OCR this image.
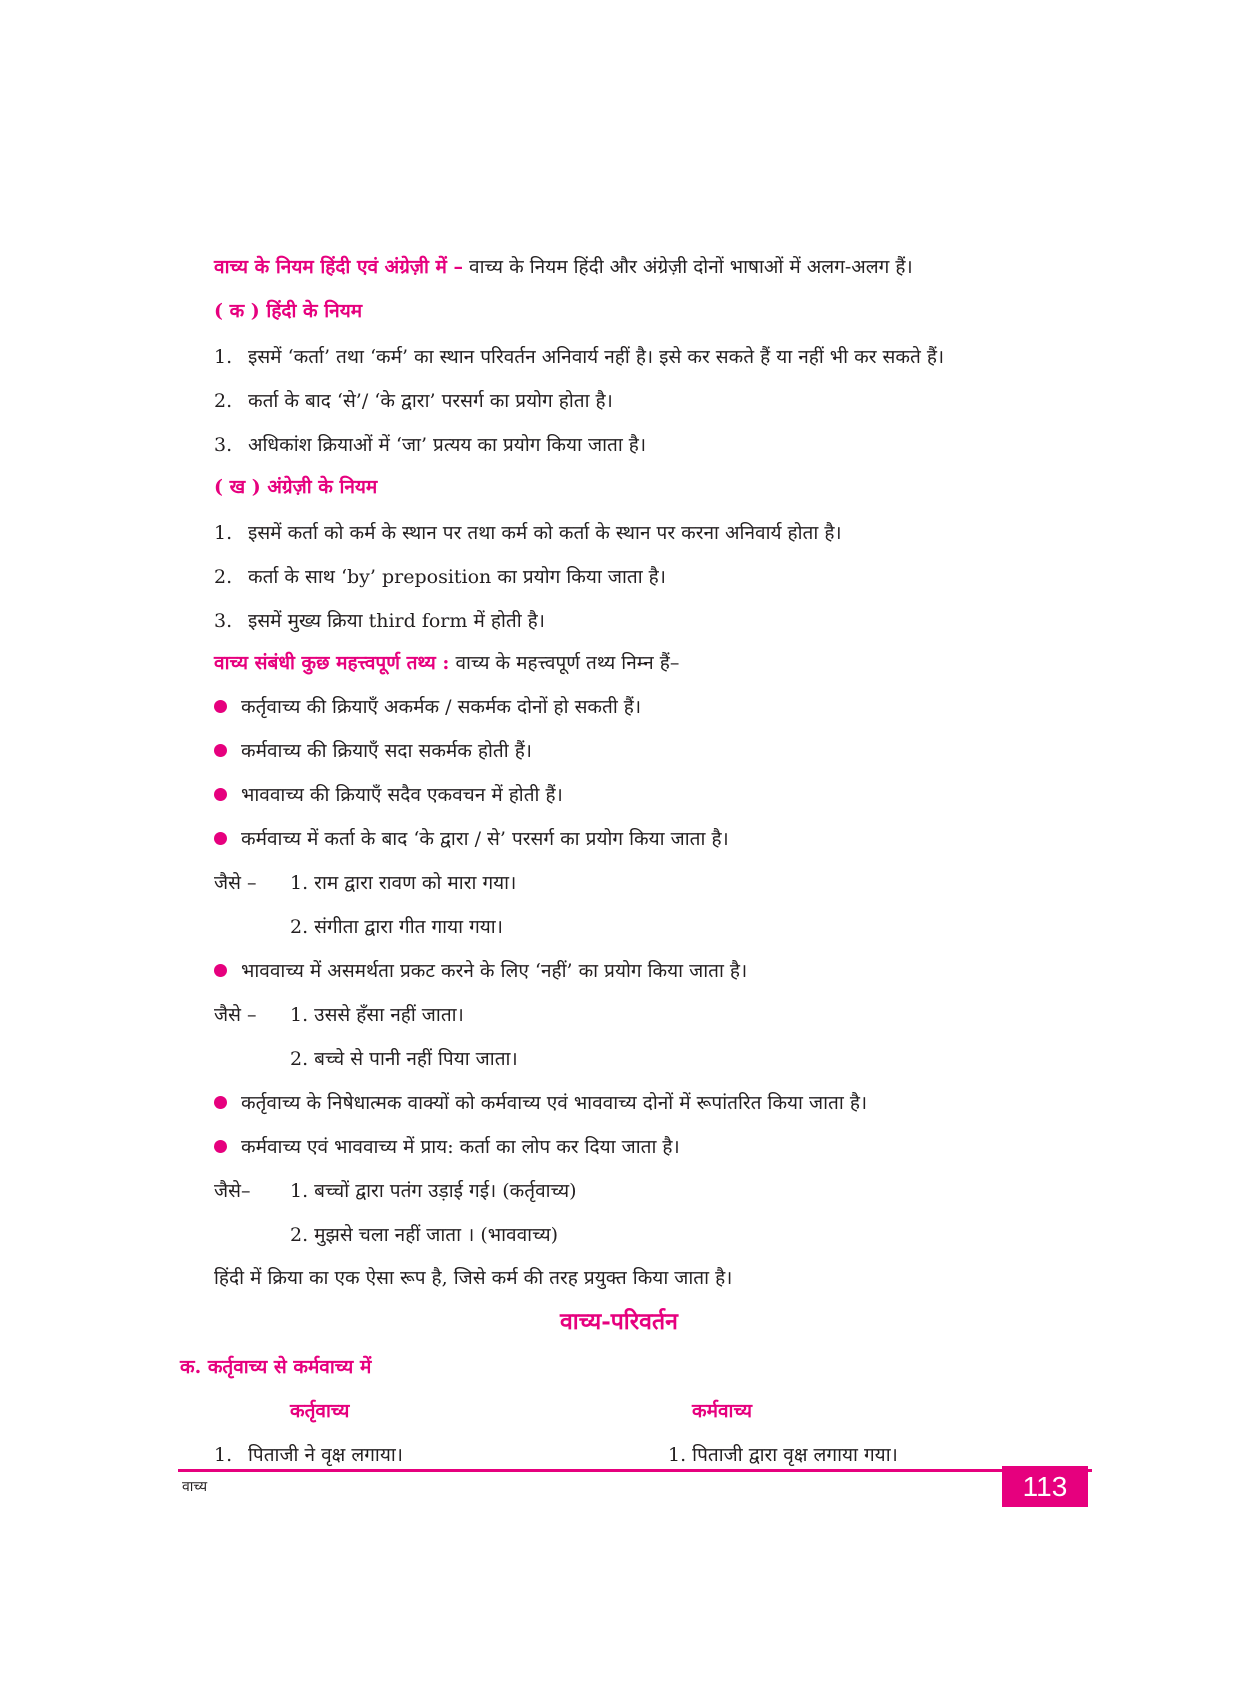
वाच्य के नियम हिंदी एवं अंग्रेज़ी में – वाच्य के नियम हिंदी और अंग्रेज़ी दोनों भाषाओं में अलग-अलग हैं।
( क ) हिंदी के नियम
1. इसमें ‘कर्ता’ तथा ‘कर्म’ का स्थान परिवर्तन अनिवार्य नहीं है। इसे कर सकते हैं या नहीं भी कर सकते हैं।
2. कर्ता के बाद ‘से’/ ‘के द्वारा’ परसर्ग का प्रयोग होता है।
3. अधिकांश क्रियाओं में ‘जा’ प्रत्यय का प्रयोग किया जाता है।
( ख ) अंग्रेज़ी के नियम
1. इसमें कर्ता को कर्म के स्थान पर तथा कर्म को कर्ता के स्थान पर करना अनिवार्य होता है।
2. कर्ता के साथ ‘by’ preposition का प्रयोग किया जाता है।
3. इसमें मुख्य क्रिया third form में होती है।
वाच्य संबंधी कुछ महत्त्वपूर्ण तथ्य : वाच्य के महत्त्वपूर्ण तथ्य निम्न हैं–
कर्तृवाच्य की क्रियाएँ अकर्मक / सकर्मक दोनों हो सकती हैं।
कर्मवाच्य की क्रियाएँ सदा सकर्मक होती हैं।
भाववाच्य की क्रियाएँ सदैव एकवचन में होती हैं।
कर्मवाच्य में कर्ता के बाद ‘के द्वारा / से’ परसर्ग का प्रयोग किया जाता है।
जैसे – 1. राम द्वारा रावण को मारा गया।
2. संगीता द्वारा गीत गाया गया।
भाववाच्य में असमर्थता प्रकट करने के लिए ‘नहीं’ का प्रयोग किया जाता है।
जैसे – 1. उससे हँसा नहीं जाता।
2. बच्चे से पानी नहीं पिया जाता।
कर्तृवाच्य के निषेधात्मक वाक्यों को कर्मवाच्य एवं भाववाच्य दोनों में रूपांतरित किया जाता है।
कर्मवाच्य एवं भाववाच्य में प्राय: कर्ता का लोप कर दिया जाता है।
जैसे– 1. बच्चों द्वारा पतंग उड़ाई गई। (कर्तृवाच्य)
2. मुझसे चला नहीं जाता । (भाववाच्य)
हिंदी में क्रिया का एक ऐसा रूप है, जिसे कर्म की तरह प्रयुक्त किया जाता है।
वाच्य-परिवर्तन
क. कर्तृवाच्य से कर्मवाच्य में
कर्तृवाच्य	कर्मवाच्य
1. पिताजी ने वृक्ष लगाया।	1. पिताजी द्वारा वृक्ष लगाया गया।
वाच्य	113
